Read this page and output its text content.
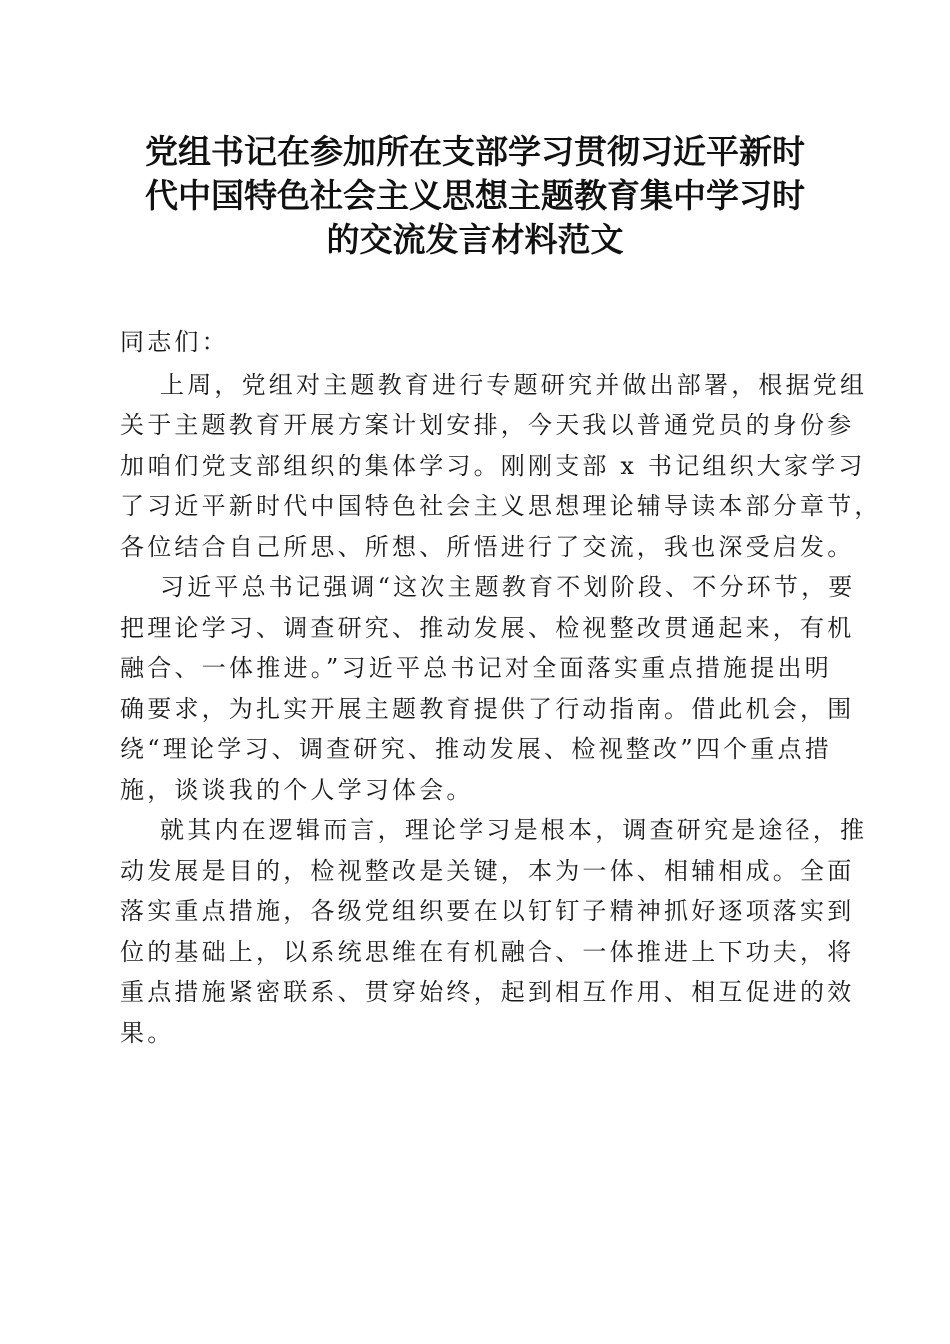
党组书记在参加所在支部学习贯彻习近平新时
代中国特色社会主义思想主题教育集中学习时
的交流发言材料范文

同志们：

上周，党组对主题教育进行专题研究并做出部署，根据党组
关于主题教育开展方案计划安排，今天我以普通党员的身份参
加咱们党支部组织的集体学习。刚刚支部 x 书记组织大家学习
了习近平新时代中国特色社会主义思想理论辅导读本部分章节，
各位结合自己所思、所想、所悟进行了交流，我也深受启发。

习近平总书记强调“这次主题教育不划阶段、不分环节，要
把理论学习、调查研究、推动发展、检视整改贯通起来，有机
融合、一体推进。”习近平总书记对全面落实重点措施提出明
确要求，为扎实开展主题教育提供了行动指南。借此机会，围
绕“理论学习、调查研究、推动发展、检视整改”四个重点措
施，谈谈我的个人学习体会。

就其内在逻辑而言，理论学习是根本，调查研究是途径，推
动发展是目的，检视整改是关键，本为一体、相辅相成。全面
落实重点措施，各级党组织要在以钉钉子精神抓好逐项落实到
位的基础上，以系统思维在有机融合、一体推进上下功夫，将
重点措施紧密联系、贯穿始终，起到相互作用、相互促进的效
果。
